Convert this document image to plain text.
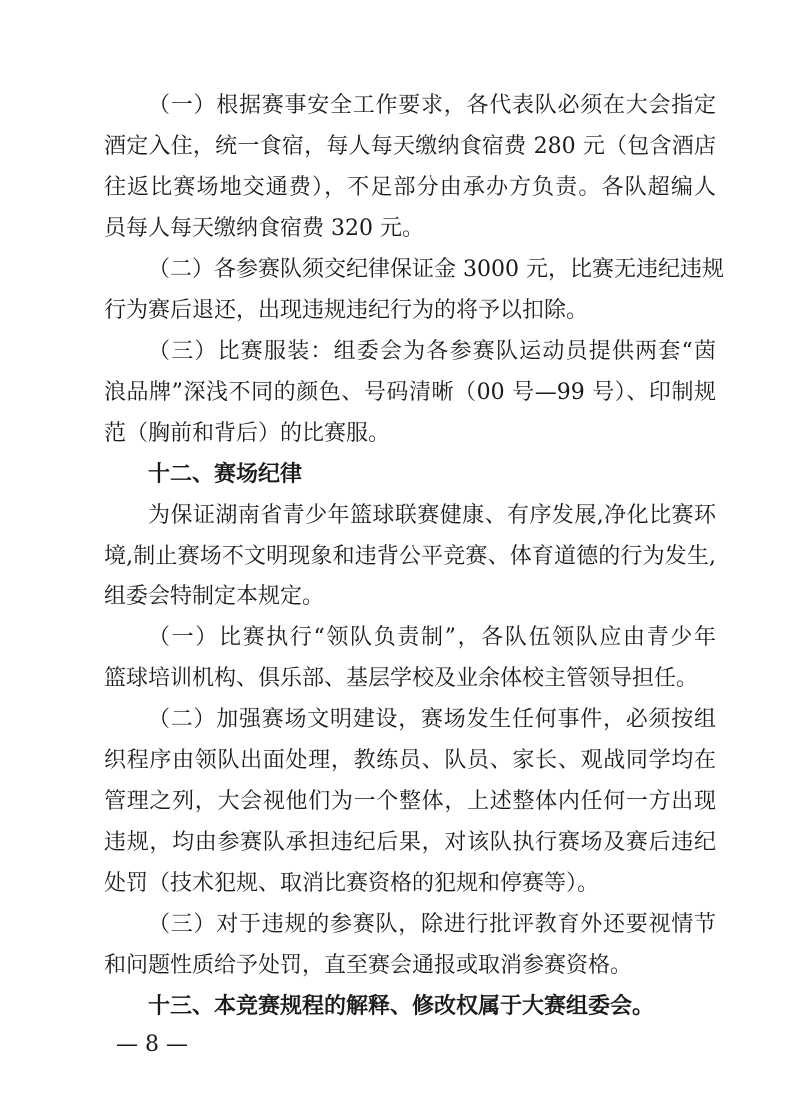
（一）根据赛事安全工作要求，各代表队必须在大会指定
酒定入住，统一食宿，每人每天缴纳食宿费 280 元（包含酒店
往返比赛场地交通费），不足部分由承办方负责。各队超编人
员每人每天缴纳食宿费 320 元。
（二）各参赛队须交纪律保证金 3000 元，比赛无违纪违规
行为赛后退还，出现违规违纪行为的将予以扣除。
（三）比赛服装：组委会为各参赛队运动员提供两套“茵
浪品牌”深浅不同的颜色、号码清晰（00 号—99 号）、印制规
范（胸前和背后）的比赛服。
十二、赛场纪律
为保证湖南省青少年篮球联赛健康、有序发展,净化比赛环
境,制止赛场不文明现象和违背公平竞赛、体育道德的行为发生,
组委会特制定本规定。
（一）比赛执行“领队负责制”，各队伍领队应由青少年
篮球培训机构、俱乐部、基层学校及业余体校主管领导担任。
（二）加强赛场文明建设，赛场发生任何事件，必须按组
织程序由领队出面处理，教练员、队员、家长、观战同学均在
管理之列，大会视他们为一个整体，上述整体内任何一方出现
违规，均由参赛队承担违纪后果，对该队执行赛场及赛后违纪
处罚（技术犯规、取消比赛资格的犯规和停赛等）。
（三）对于违规的参赛队，除进行批评教育外还要视情节
和问题性质给予处罚，直至赛会通报或取消参赛资格。
十三、本竞赛规程的解释、修改权属于大赛组委会。
— 8 —
